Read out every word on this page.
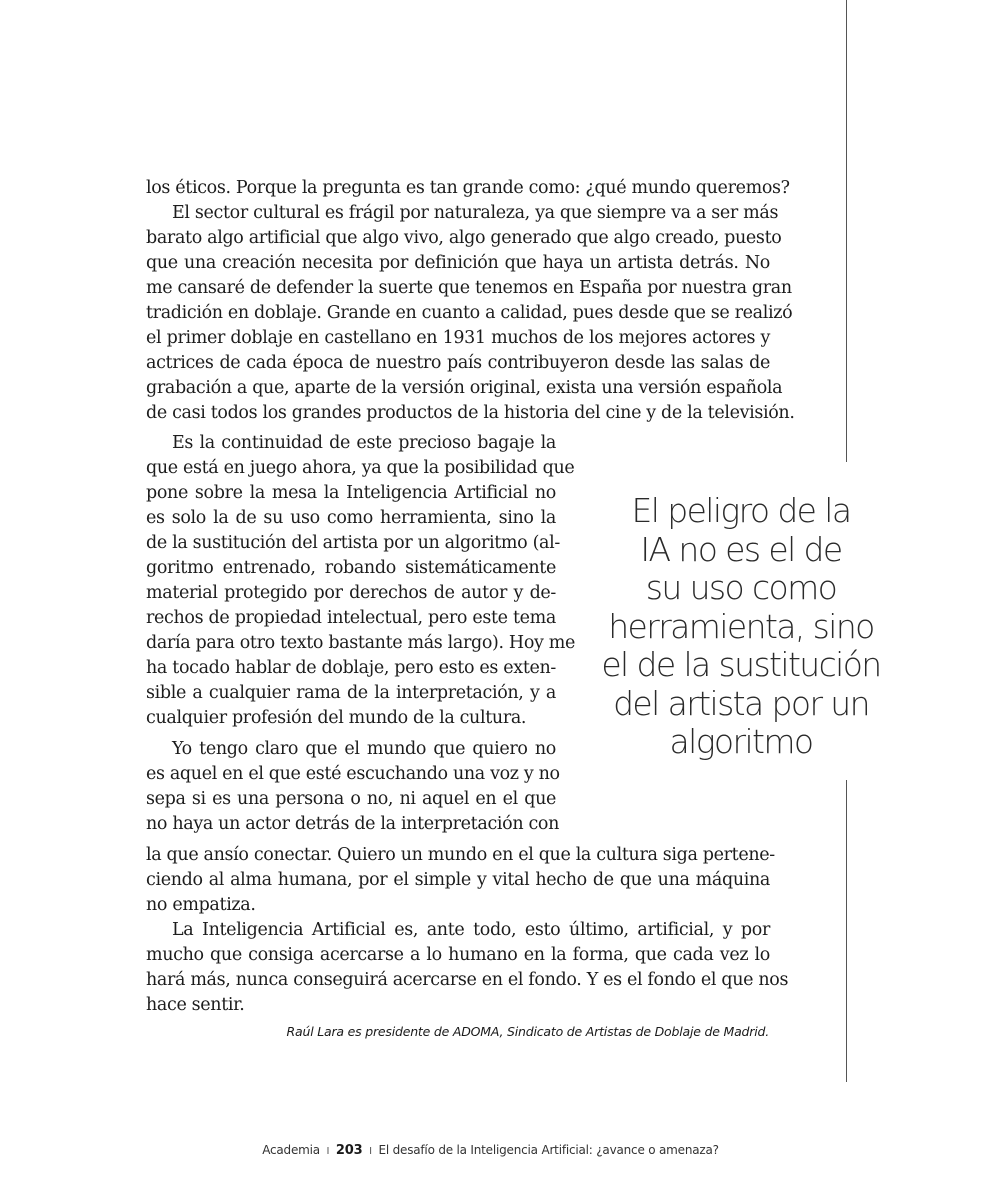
los éticos. Porque la pregunta es tan grande como: ¿qué mundo queremos?

El sector cultural es frágil por naturaleza, ya que siempre va a ser más

barato algo artificial que algo vivo, algo generado que algo creado, puesto

que una creación necesita por definición que haya un artista detrás. No

me cansaré de defender la suerte que tenemos en España por nuestra gran

tradición en doblaje. Grande en cuanto a calidad, pues desde que se realizó

el primer doblaje en castellano en 1931 muchos de los mejores actores y

actrices de cada época de nuestro país contribuyeron desde las salas de

grabación a que, aparte de la versión original, exista una versión española

de casi todos los grandes productos de la historia del cine y de la televisión.

Es la continuidad de este precioso bagaje la

que está en juego ahora, ya que la posibilidad que

pone sobre la mesa la Inteligencia Artificial no

es solo la de su uso como herramienta, sino la

de la sustitución del artista por un algoritmo (al-

goritmo entrenado, robando sistemáticamente

material protegido por derechos de autor y de-

rechos de propiedad intelectual, pero este tema

daría para otro texto bastante más largo). Hoy me

ha tocado hablar de doblaje, pero esto es exten-

sible a cualquier rama de la interpretación, y a

cualquier profesión del mundo de la cultura.

Yo tengo claro que el mundo que quiero no

es aquel en el que esté escuchando una voz y no

sepa si es una persona o no, ni aquel en el que

no haya un actor detrás de la interpretación con

la que ansío conectar. Quiero un mundo en el que la cultura siga pertene-

ciendo al alma humana, por el simple y vital hecho de que una máquina

no empatiza.

La Inteligencia Artificial es, ante todo, esto último, artificial, y por

mucho que consiga acercarse a lo humano en la forma, que cada vez lo

hará más, nunca conseguirá acercarse en el fondo. Y es el fondo el que nos

hace sentir.

El peligro de la
IA no es el de
su uso como
herramienta, sino
el de la sustitución
del artista por un
algoritmo
Raúl Lara es presidente de ADOMA, Sindicato de Artistas de Doblaje de Madrid.
Academia I 203 I El desafío de la Inteligencia Artificial: ¿avance o amenaza?
